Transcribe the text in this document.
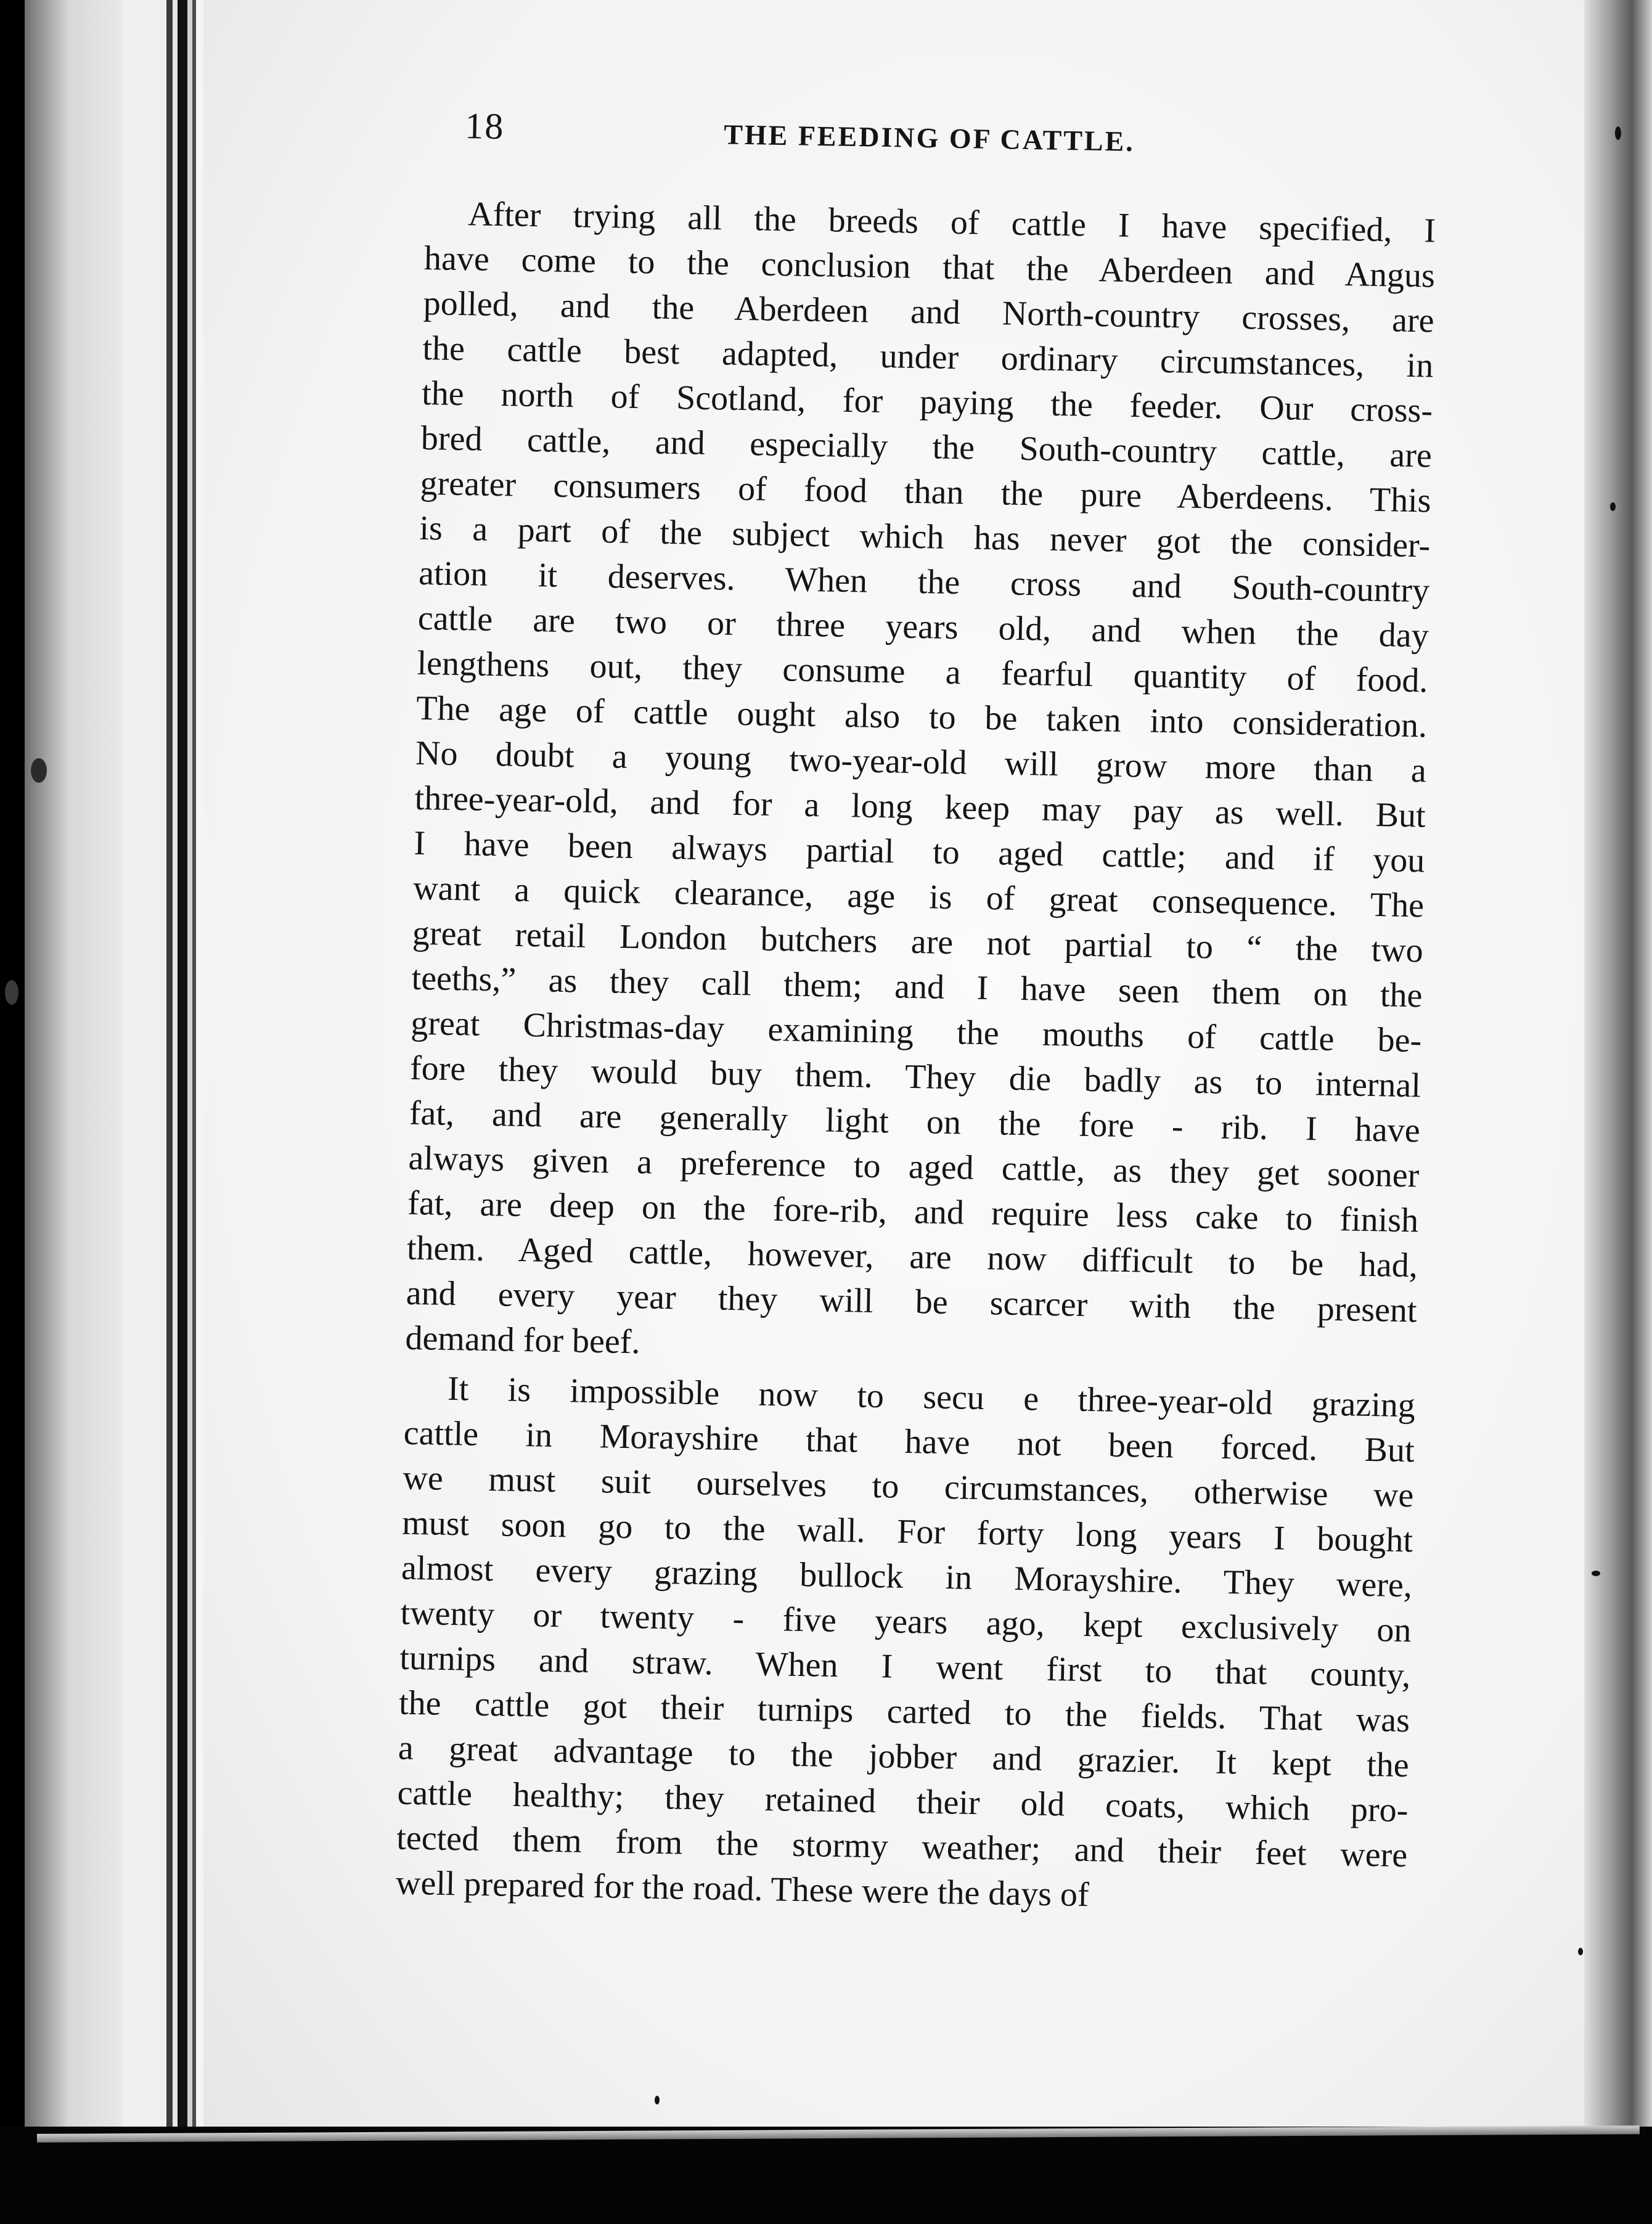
18	THE FEEDING OF CATTLE.
After trying all the breeds of cattle I have specified, I
have come to the conclusion that the Aberdeen and Angus
polled, and the Aberdeen and North-country crosses, are
the cattle best adapted, under ordinary circumstances, in
the north of Scotland, for paying the feeder. Our cross-
bred cattle, and especially the South-country cattle, are
greater consumers of food than the pure Aberdeens. This
is a part of the subject which has never got the consider-
ation it deserves. When the cross and South-country
cattle are two or three years old, and when the day
lengthens out, they consume a fearful quantity of food.
The age of cattle ought also to be taken into consideration.
No doubt a young two-year-old will grow more than a
three-year-old, and for a long keep may pay as well. But
I have been always partial to aged cattle; and if you
want a quick clearance, age is of great consequence. The
great retail London butchers are not partial to “ the two
teeths,” as they call them; and I have seen them on the
great Christmas-day examining the mouths of cattle be-
fore they would buy them. They die badly as to internal
fat, and are generally light on the fore - rib. I have
always given a preference to aged cattle, as they get sooner
fat, are deep on the fore-rib, and require less cake to finish
them. Aged cattle, however, are now difficult to be had,
and every year they will be scarcer with the present
demand for beef.
It is impossible now to secu e three-year-old grazing
cattle in Morayshire that have not been forced. But
we must suit ourselves to circumstances, otherwise we
must soon go to the wall. For forty long years I bought
almost every grazing bullock in Morayshire. They were,
twenty or twenty - five years ago, kept exclusively on
turnips and straw. When I went first to that county,
the cattle got their turnips carted to the fields. That was
a great advantage to the jobber and grazier. It kept the
cattle healthy; they retained their old coats, which pro-
tected them from the stormy weather; and their feet were
well prepared for the road. These were the days of
